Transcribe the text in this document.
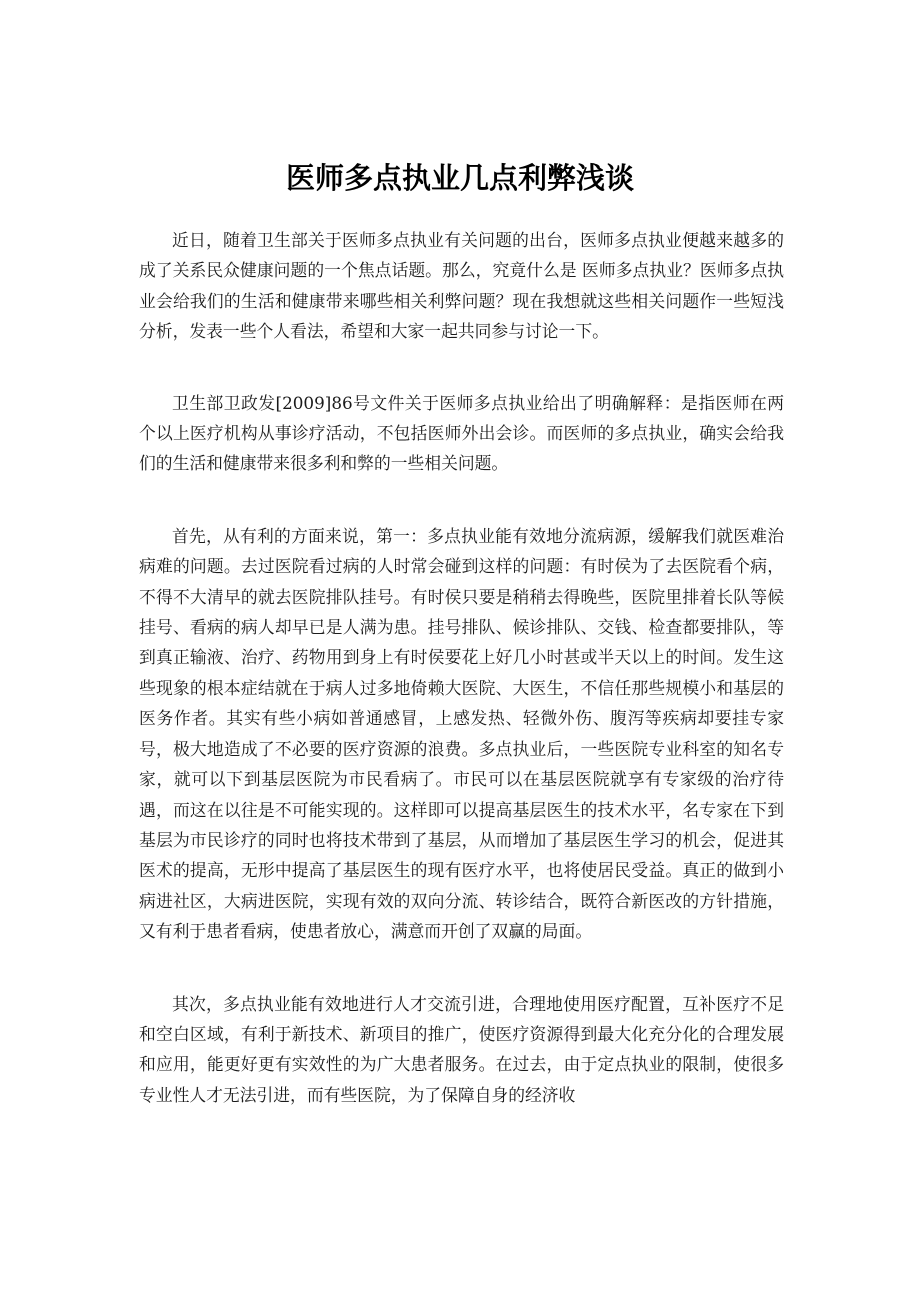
医师多点执业几点利弊浅谈

近日，随着卫生部关于医师多点执业有关问题的出台，医师多点执业便越来越多的成了关系民众健康问题的一个焦点话题。那么，究竟什么是 医师多点执业？医师多点执业会给我们的生活和健康带来哪些相关利弊问题？现在我想就这些相关问题作一些短浅分析，发表一些个人看法，希望和大家一起共同参与讨论一下。

卫生部卫政发[2009]86号文件关于医师多点执业给出了明确解释：是指医师在两个以上医疗机构从事诊疗活动，不包括医师外出会诊。而医师的多点执业，确实会给我们的生活和健康带来很多利和弊的一些相关问题。

首先，从有利的方面来说，第一：多点执业能有效地分流病源，缓解我们就医难治病难的问题。去过医院看过病的人时常会碰到这样的问题：有时侯为了去医院看个病，不得不大清早的就去医院排队挂号。有时侯只要是稍稍去得晚些，医院里排着长队等候挂号、看病的病人却早已是人满为患。挂号排队、候诊排队、交钱、检查都要排队，等到真正输液、治疗、药物用到身上有时侯要花上好几小时甚或半天以上的时间。发生这些现象的根本症结就在于病人过多地倚赖大医院、大医生，不信任那些规模小和基层的医务作者。其实有些小病如普通感冒，上感发热、轻微外伤、腹泻等疾病却要挂专家号，极大地造成了不必要的医疗资源的浪费。多点执业后，一些医院专业科室的知名专家，就可以下到基层医院为市民看病了。市民可以在基层医院就享有专家级的治疗待遇，而这在以往是不可能实现的。这样即可以提高基层医生的技术水平，名专家在下到基层为市民诊疗的同时也将技术带到了基层，从而增加了基层医生学习的机会，促进其医术的提高，无形中提高了基层医生的现有医疗水平，也将使居民受益。真正的做到小病进社区，大病进医院，实现有效的双向分流、转诊结合，既符合新医改的方针措施，又有利于患者看病，使患者放心，满意而开创了双赢的局面。

其次，多点执业能有效地进行人才交流引进，合理地使用医疗配置，互补医疗不足和空白区域，有利于新技术、新项目的推广，使医疗资源得到最大化充分化的合理发展和应用，能更好更有实效性的为广大患者服务。在过去，由于定点执业的限制，使很多专业性人才无法引进，而有些医院，为了保障自身的经济收
